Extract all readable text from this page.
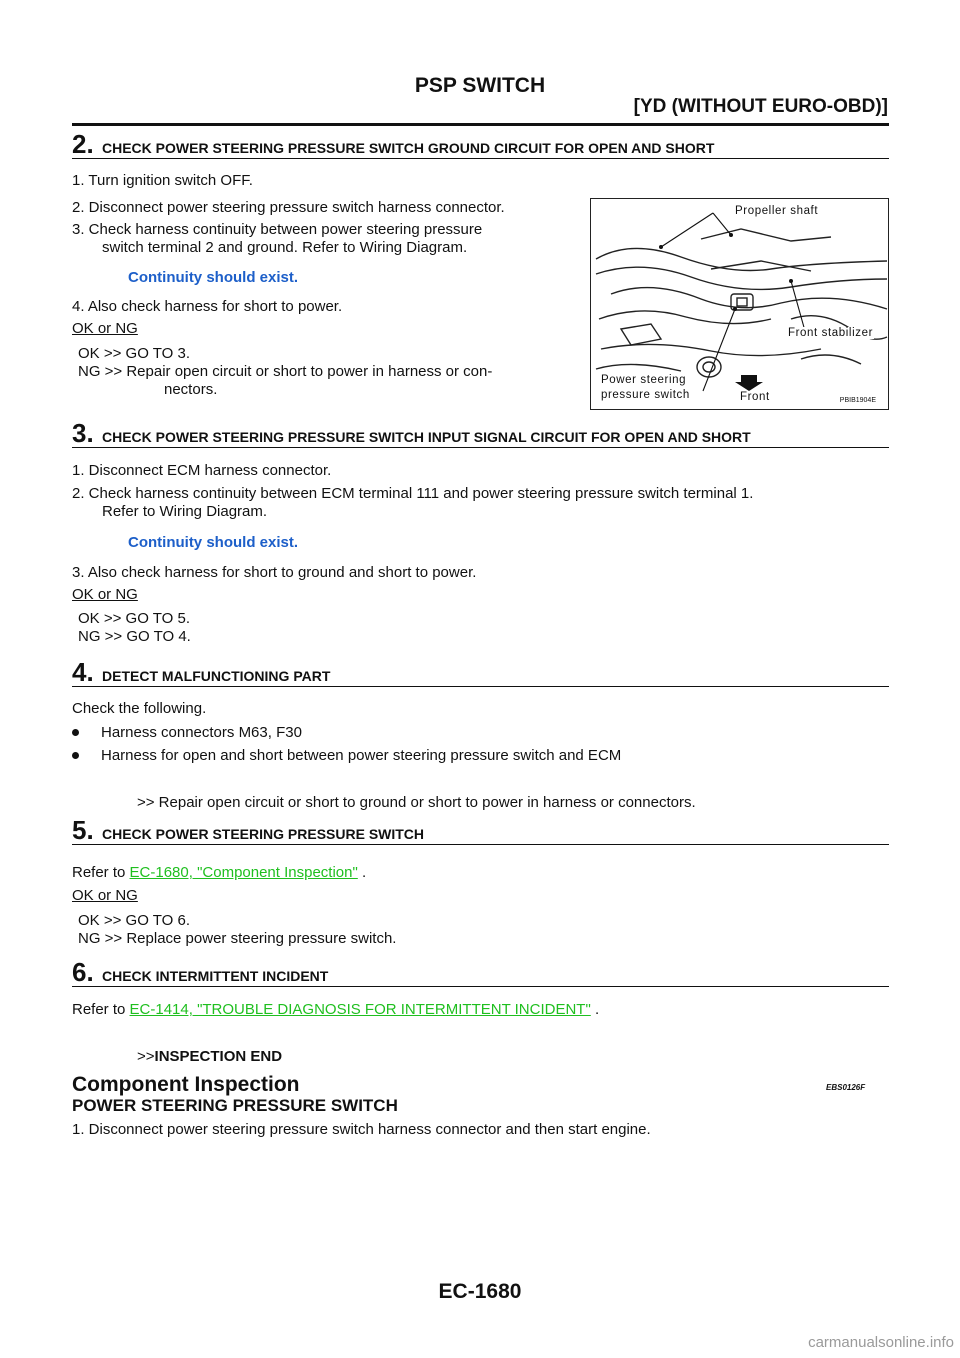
PSP SWITCH
[YD (WITHOUT EURO-OBD)]
2. CHECK POWER STEERING PRESSURE SWITCH GROUND CIRCUIT FOR OPEN AND SHORT
1. Turn ignition switch OFF.
2. Disconnect power steering pressure switch harness connector.
3. Check harness continuity between power steering pressure
switch terminal 2 and ground. Refer to Wiring Diagram.
Continuity should exist.
4. Also check harness for short to power.
OK or NG
OK >> GO TO 3.
NG >> Repair open circuit or short to power in harness or con-
nectors.
Propeller shaft
Front stabilizer
Power steering
pressure switch	Front	PBIB1904E
3. CHECK POWER STEERING PRESSURE SWITCH INPUT SIGNAL CIRCUIT FOR OPEN AND SHORT
1. Disconnect ECM harness connector.
2. Check harness continuity between ECM terminal 111 and power steering pressure switch terminal 1.
Refer to Wiring Diagram.
Continuity should exist.
3. Also check harness for short to ground and short to power.
OK or NG
OK >> GO TO 5.
NG >> GO TO 4.
4. DETECT MALFUNCTIONING PART
Check the following.
Harness connectors M63, F30
Harness for open and short between power steering pressure switch and ECM
>> Repair open circuit or short to ground or short to power in harness or connectors.
5. CHECK POWER STEERING PRESSURE SWITCH
Refer to EC-1680, "Component Inspection" .
OK or NG
OK >> GO TO 6.
NG >> Replace power steering pressure switch.
6. CHECK INTERMITTENT INCIDENT
Refer to EC-1414, "TROUBLE DIAGNOSIS FOR INTERMITTENT INCIDENT" .
>>INSPECTION END
Component Inspection	EBS0126F
POWER STEERING PRESSURE SWITCH
1. Disconnect power steering pressure switch harness connector and then start engine.
EC-1680
carmanualsonline.info
